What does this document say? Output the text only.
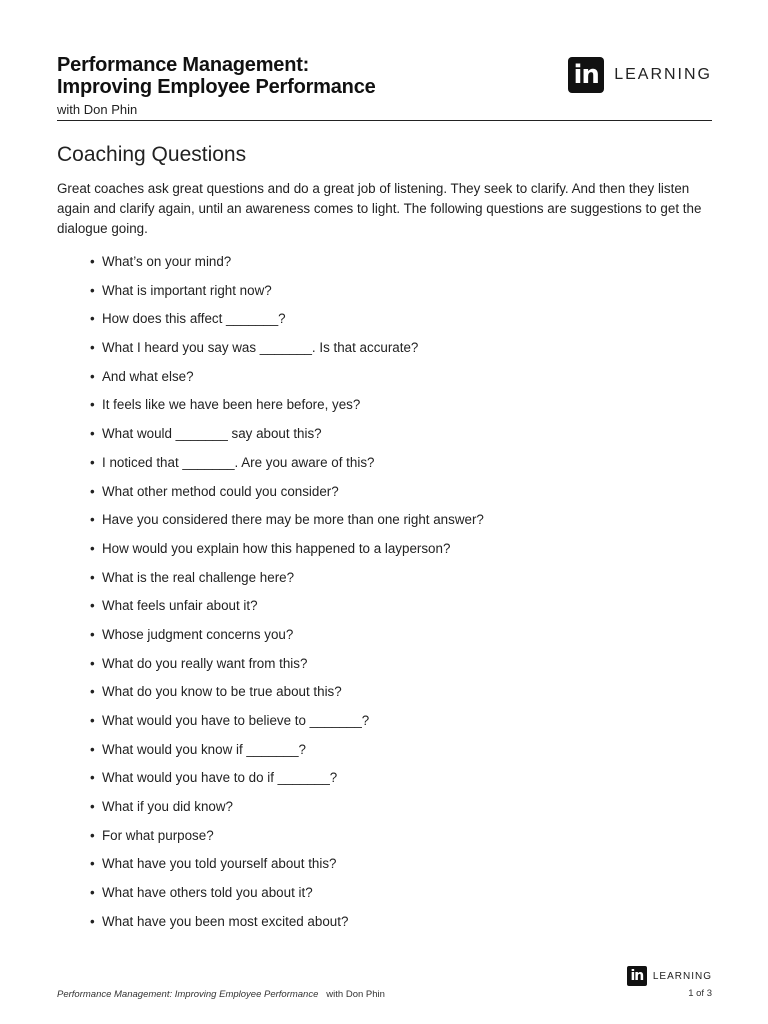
Performance Management:
Improving Employee Performance
with Don Phin
in LEARNING
Coaching Questions
Great coaches ask great questions and do a great job of listening. They seek to clarify. And then they listen again and clarify again, until an awareness comes to light. The following questions are suggestions to get the dialogue going.
• What’s on your mind?
• What is important right now?
• How does this affect _______?
• What I heard you say was _______. Is that accurate?
• And what else?
• It feels like we have been here before, yes?
• What would _______ say about this?
• I noticed that _______. Are you aware of this?
• What other method could you consider?
• Have you considered there may be more than one right answer?
• How would you explain how this happened to a layperson?
• What is the real challenge here?
• What feels unfair about it?
• Whose judgment concerns you?
• What do you really want from this?
• What do you know to be true about this?
• What would you have to believe to _______?
• What would you know if _______?
• What would you have to do if _______?
• What if you did know?
• For what purpose?
• What have you told yourself about this?
• What have others told you about it?
• What have you been most excited about?
in LEARNING
Performance Management: Improving Employee Performance with Don Phin	1 of 3
